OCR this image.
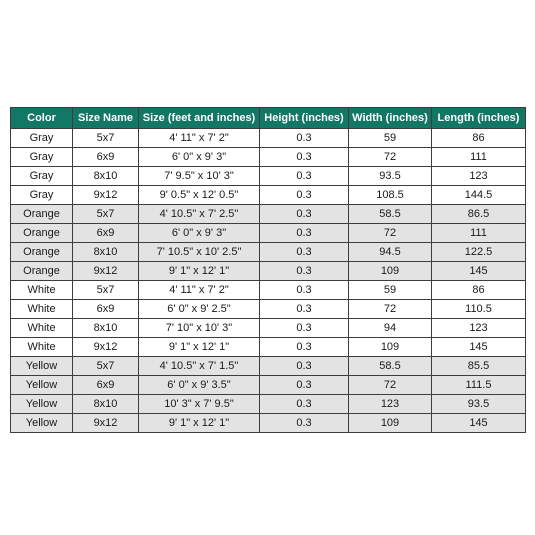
Color	Size Name	Size (feet and inches)	Height (inches)	Width (inches)	Length (inches)
Gray	5x7	4' 11" x 7' 2"	0.3	59	86
Gray	6x9	6' 0" x 9' 3"	0.3	72	111
Gray	8x10	7' 9.5" x 10' 3"	0.3	93.5	123
Gray	9x12	9' 0.5" x 12' 0.5"	0.3	108.5	144.5
Orange	5x7	4' 10.5" x 7' 2.5"	0.3	58.5	86.5
Orange	6x9	6' 0" x 9' 3"	0.3	72	111
Orange	8x10	7' 10.5" x 10' 2.5"	0.3	94.5	122.5
Orange	9x12	9' 1" x 12' 1"	0.3	109	145
White	5x7	4' 11" x 7' 2"	0.3	59	86
White	6x9	6' 0" x 9' 2.5"	0.3	72	110.5
White	8x10	7' 10" x 10' 3"	0.3	94	123
White	9x12	9' 1" x 12' 1"	0.3	109	145
Yellow	5x7	4' 10.5" x 7' 1.5"	0.3	58.5	85.5
Yellow	6x9	6' 0" x 9' 3.5"	0.3	72	111.5
Yellow	8x10	10' 3" x 7' 9.5"	0.3	123	93.5
Yellow	9x12	9' 1" x 12' 1"	0.3	109	145
